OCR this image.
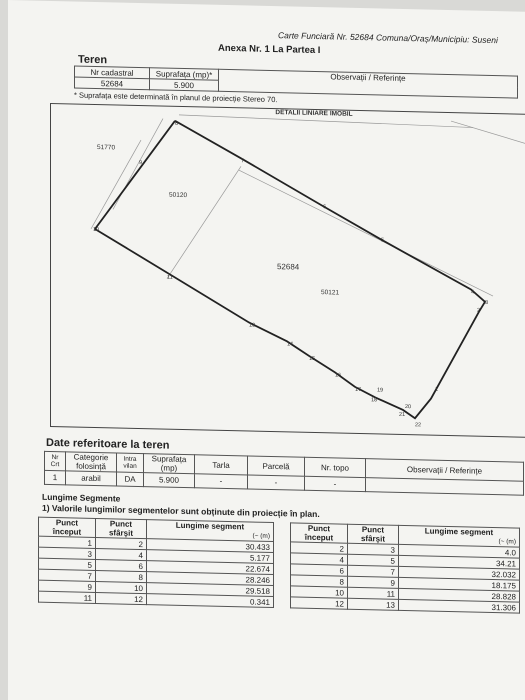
Carte Funciară Nr. 52684 Comuna/Oraș/Municipiu: Suseni
Anexa Nr. 1 La Partea I
Teren
Nr cadastral	Suprafața (mp)*	Observații / Referințe
52684	5.900	
* Suprafața este determinată în planul de proiecție Stereo 70.
DETALII LINIARE IMOBIL
51770
50120
52684
50121
1
2
3
4
5
6
7
8
9
10
11
13
14
15
16
17
18
19
20
21
22
Date referitoare la teren
Nr Crt	Categorie folosință	Intra vilan	Suprafața (mp)	Tarla	Parcelă	Nr. topo	Observații / Referințe
1	arabil	DA	5.900	-	-	-	
Lungime Segmente
1) Valorile lungimilor segmentelor sunt obținute din proiecție în plan.
Punct început	Punct sfârșit	Lungime segment
(~ (m)

1	2	30.433
3	4	5.177
5	6	22.674
7	8	28.246
9	10	29.518
11	12	0.341
Punct început	Punct sfârșit	Lungime segment
(~ (m)

2	3	4.0
4	5	34.21
6	7	32.032
8	9	18.175
10	11	28.828
12	13	31.306
